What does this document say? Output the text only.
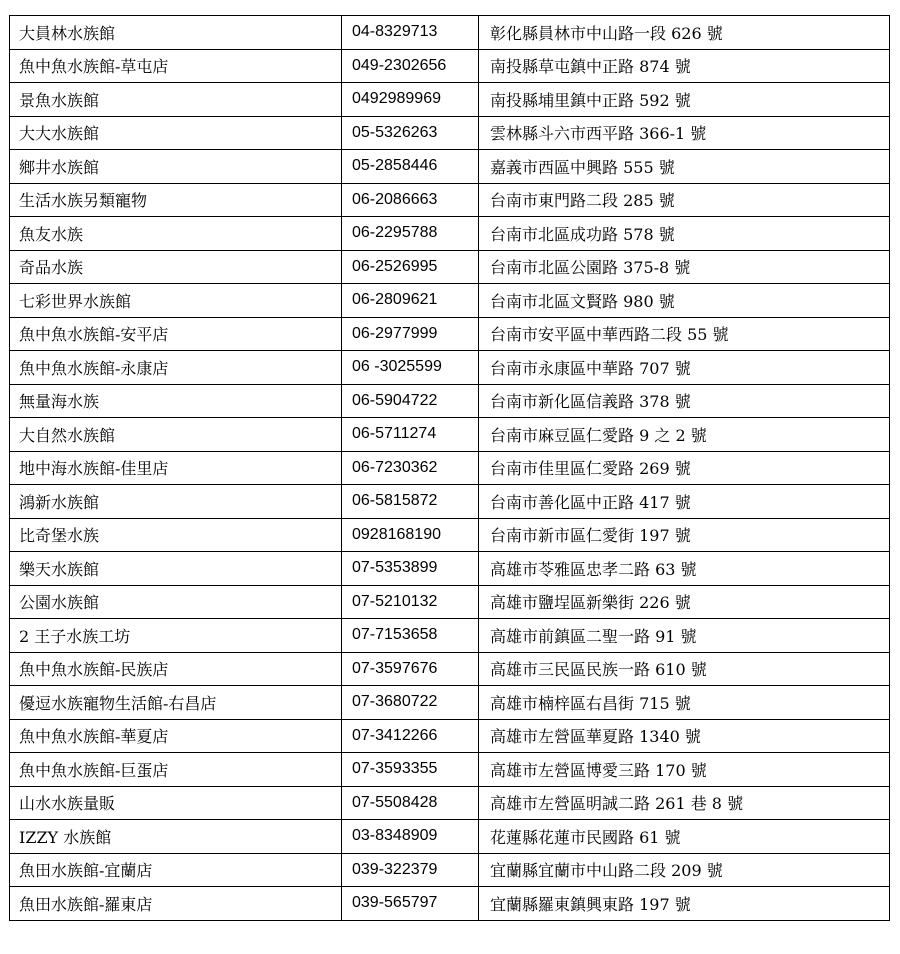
大員林水族館	04-8329713	彰化縣員林市中山路一段 626 號
魚中魚水族館-草屯店	049-2302656	南投縣草屯鎮中正路 874 號
景魚水族館	0492989969	南投縣埔里鎮中正路 592 號
大大水族館	05-5326263	雲林縣斗六市西平路 366-1 號
鄉井水族館	05-2858446	嘉義市西區中興路 555 號
生活水族另類寵物	06-2086663	台南市東門路二段 285 號
魚友水族	06-2295788	台南市北區成功路 578 號
奇品水族	06-2526995	台南市北區公園路 375-8 號
七彩世界水族館	06-2809621	台南市北區文賢路 980 號
魚中魚水族館-安平店	06-2977999	台南市安平區中華西路二段 55 號
魚中魚水族館-永康店	06 -3025599	台南市永康區中華路 707 號
無量海水族	06-5904722	台南市新化區信義路 378 號
大自然水族館	06-5711274	台南市麻豆區仁愛路 9 之 2 號
地中海水族館-佳里店	06-7230362	台南市佳里區仁愛路 269 號
鴻新水族館	06-5815872	台南市善化區中正路 417 號
比奇堡水族	0928168190	台南市新市區仁愛街 197 號
樂天水族館	07-5353899	高雄市苓雅區忠孝二路 63 號
公園水族館	07-5210132	高雄市鹽埕區新樂街 226 號
2 王子水族工坊	07-7153658	高雄市前鎮區二聖一路 91 號
魚中魚水族館-民族店	07-3597676	高雄市三民區民族一路 610 號
優逗水族寵物生活館-右昌店	07-3680722	高雄市楠梓區右昌街 715 號
魚中魚水族館-華夏店	07-3412266	高雄市左營區華夏路 1340 號
魚中魚水族館-巨蛋店	07-3593355	高雄市左營區博愛三路 170 號
山水水族量販	07-5508428	高雄市左營區明誠二路 261 巷 8 號
IZZY 水族館	03-8348909	花蓮縣花蓮市民國路 61 號
魚田水族館-宜蘭店	039-322379	宜蘭縣宜蘭市中山路二段 209 號
魚田水族館-羅東店	039-565797	宜蘭縣羅東鎮興東路 197 號
